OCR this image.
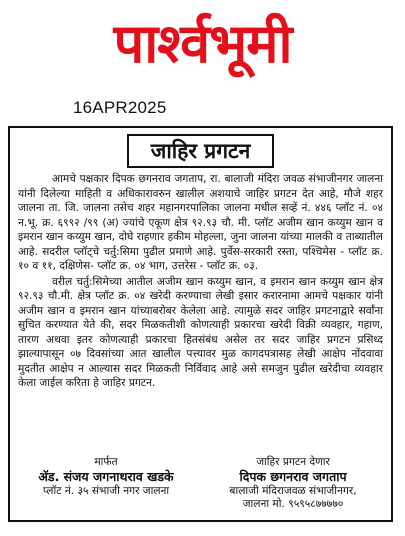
पार्श्वभूमी
16APR2025
जाहिर प्रगटन

आमचे पक्षकार दिपक छगनराव जगताप, रा. बालाजी मंदिरा जवळ संभाजीनगर जालना यांनी दिलेल्या माहिती व अधिकारावरुन खालील अशयाचे जाहिर प्रगटन देत आहे, मौजे शहर जालना ता. जि. जालना तसेच शहर महानगरपालिका जालना मधील सव्हें नं. ४४६ प्लॉट नं. ०४ न.भू. क्र. ६९९२ /९९ (अ) ज्यांचे एकूण क्षेत्र ९२.९३ चौ. मी. प्लॉट अजीम खान कय्युम खान व इमरान खान कय्युम खान, दोघे राहणार हकीम मोहल्ला, जुना जालना यांच्या मालकी व ताब्यातील आहे. सदरील प्लॉट्चे चर्तु:सिमा पुढील प्रमाणे आहे. पुर्वेस-सरकारी रस्ता, पश्चिमेस - प्लॉट क्र. १० व ११, दक्षिणेस- प्लॉट क्र. ०४ भाग, उत्तरेस - प्लॉट क्र. ०३.

वरील चर्तु:सिमेच्या आतील अजीम खान कय्युम खान, व इमरान खान कय्युम खान क्षेत्र ९२.९३ चौ.मी. क्षेत्र प्लॉट क्र. ०४ खरेदी करण्याचा लेखी इसार करारनामा आमचे पक्षकार यांनी अजीम खान व इमरान खान यांच्याबरोबर केलेला आहे. त्यामुळे सदर जाहिर प्रगटनाद्वारे सर्वांना सुचित करण्यात येते की, सदर मिळकतीशी कोणत्याही प्रकारचा खरेदी विक्री व्यवहार, गहाण, तारण अथवा इतर कोणत्याही प्रकारचा हितसंबंध असेल तर सदर जाहिर प्रगटन प्रसिध्द झाल्यापासून ०७ दिवसांच्या आत खालील पत्त्यावर मुळ कागदपत्रासह लेखी आक्षेप नोंदवावा मुदतीत आक्षेप न आल्यास सदर मिळकती निर्विवाद आहे असे समजुन पुढील खरेदीचा व्यवहार केला जाईल करिता हे जाहिर प्रगटन.

मार्फत
ॲड. संजय जगनाथराव खडके
प्लॉट नं. ३५ संभाजी नगर जालना
जाहिर प्रगटन देणार
दिपक छगनराव जगताप
बालाजी मंदिराजवळ संभाजीनगर,
जालना मो. ९५९५८७७७७०
